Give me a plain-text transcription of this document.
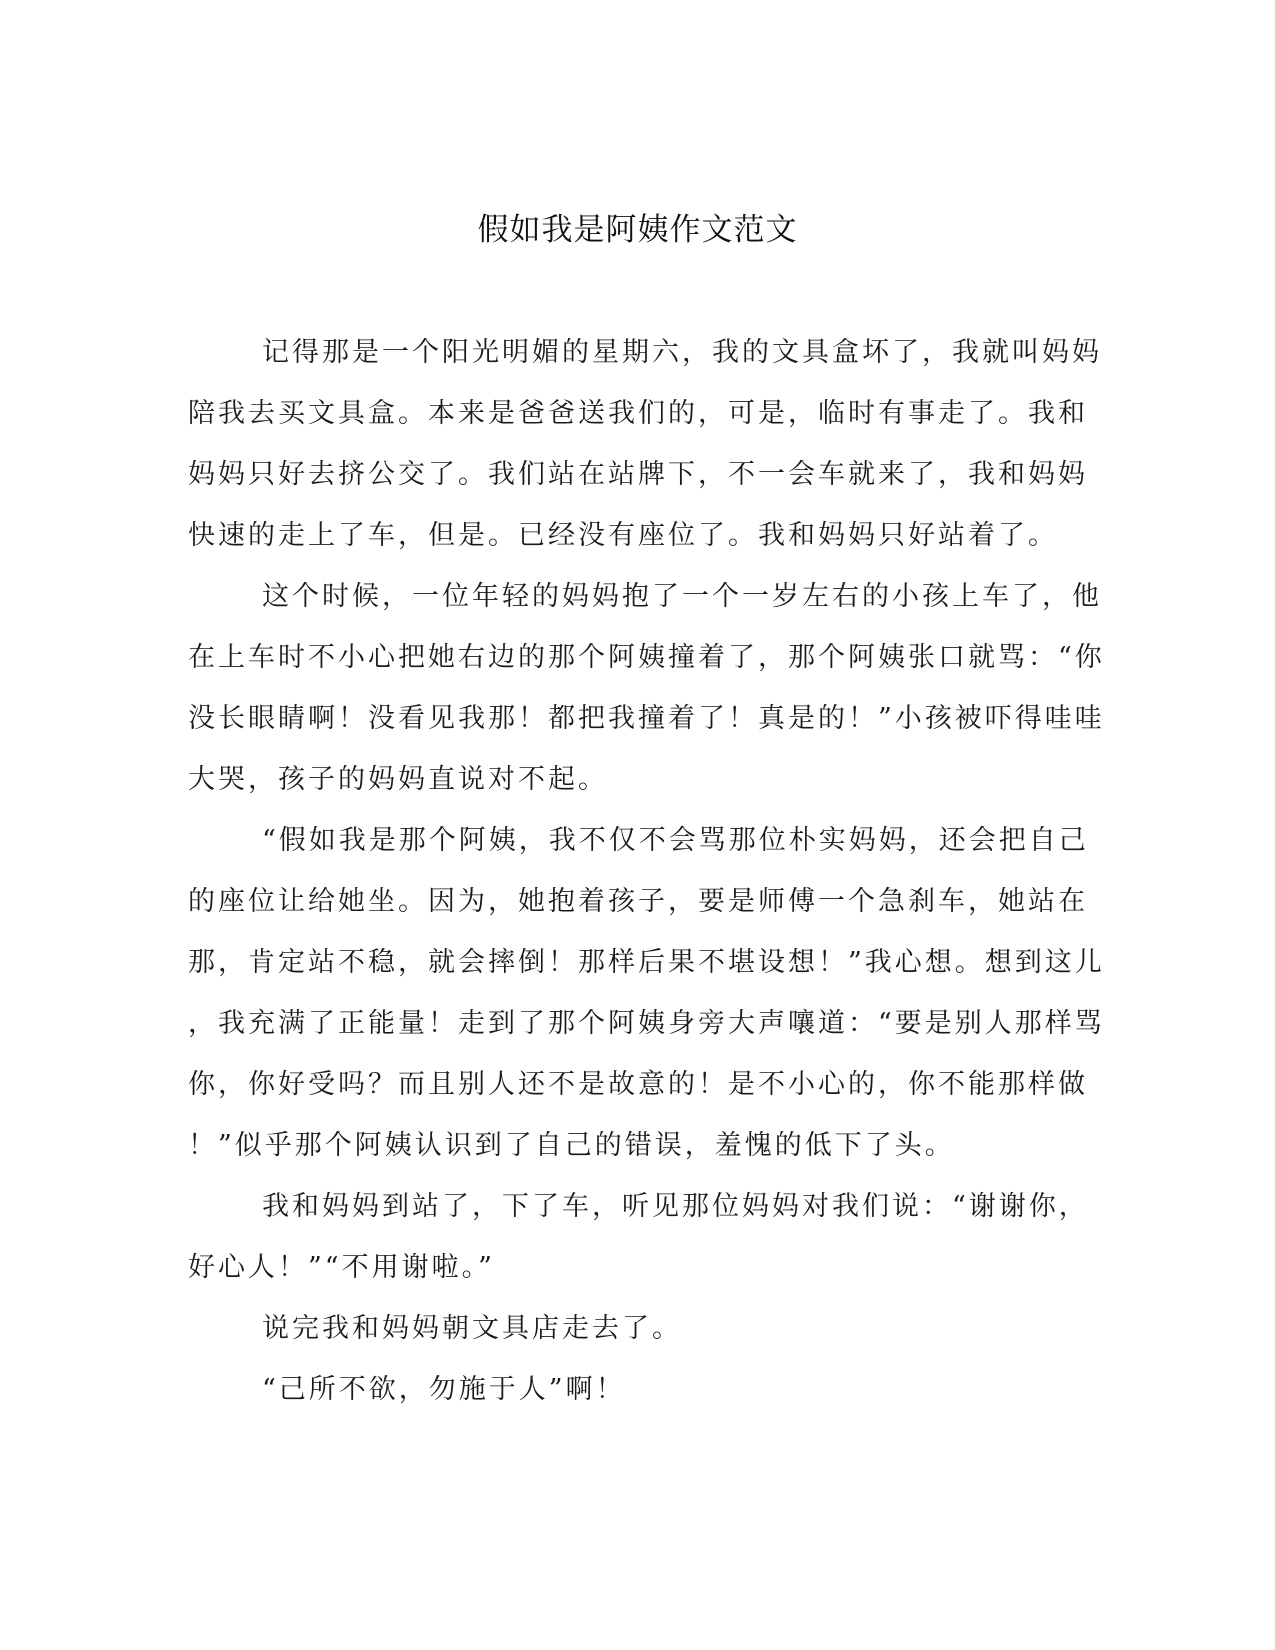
假如我是阿姨作文范文
记得那是一个阳光明媚的星期六，我的文具盒坏了，我就叫妈妈
陪我去买文具盒。本来是爸爸送我们的，可是，临时有事走了。我和
妈妈只好去挤公交了。我们站在站牌下，不一会车就来了，我和妈妈
快速的走上了车，但是。已经没有座位了。我和妈妈只好站着了。
这个时候，一位年轻的妈妈抱了一个一岁左右的小孩上车了，他
在上车时不小心把她右边的那个阿姨撞着了，那个阿姨张口就骂：“你
没长眼睛啊！没看见我那！都把我撞着了！真是的！”小孩被吓得哇哇
大哭，孩子的妈妈直说对不起。
“假如我是那个阿姨，我不仅不会骂那位朴实妈妈，还会把自己
的座位让给她坐。因为，她抱着孩子，要是师傅一个急刹车，她站在
那，肯定站不稳，就会摔倒！那样后果不堪设想！”我心想。想到这儿
，我充满了正能量！走到了那个阿姨身旁大声嚷道：“要是别人那样骂
你，你好受吗？而且别人还不是故意的！是不小心的，你不能那样做
！”似乎那个阿姨认识到了自己的错误，羞愧的低下了头。
我和妈妈到站了，下了车，听见那位妈妈对我们说：“谢谢你，
好心人！”“不用谢啦。”
说完我和妈妈朝文具店走去了。
“己所不欲，勿施于人”啊！
